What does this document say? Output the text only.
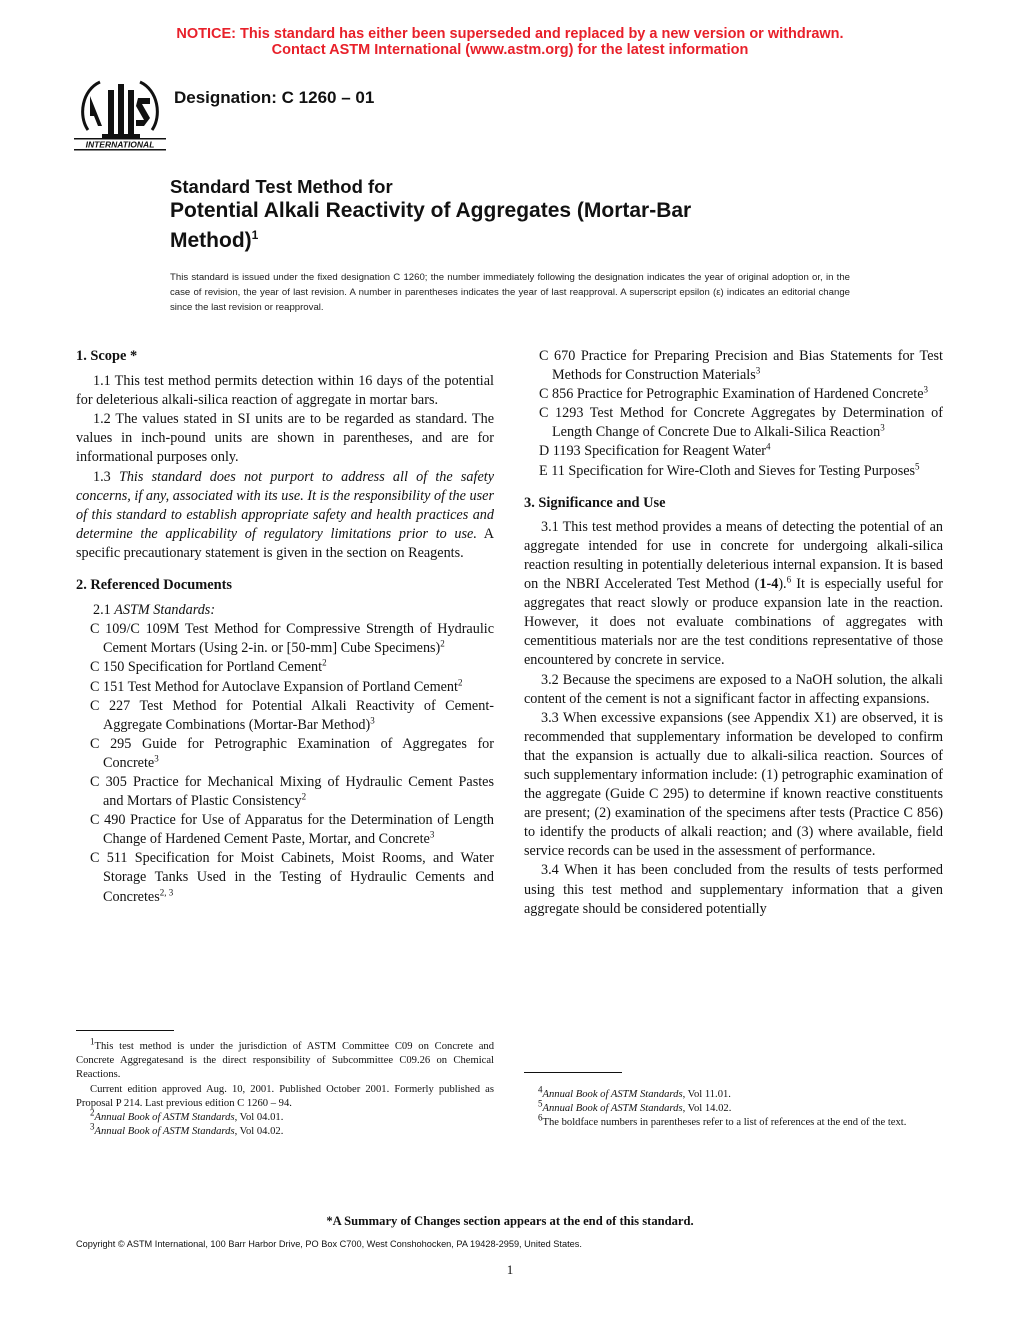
NOTICE: This standard has either been superseded and replaced by a new version or withdrawn.
Contact ASTM International (www.astm.org) for the latest information
INTERNATIONAL
Designation: C 1260 – 01
Standard Test Method for
Potential Alkali Reactivity of Aggregates (Mortar-Bar
Method)$^1$
This standard is issued under the fixed designation C 1260; the number immediately following the designation indicates the year of original adoption or, in the case of revision, the year of last revision. A number in parentheses indicates the year of last reapproval. A superscript epsilon (ε) indicates an editorial change since the last revision or reapproval.

1. Scope *

1.1 This test method permits detection within 16 days of the potential for deleterious alkali-silica reaction of aggregate in mortar bars.

1.2 The values stated in SI units are to be regarded as standard. The values in inch-pound units are shown in parentheses, and are for informational purposes only.

1.3 This standard does not purport to address all of the safety concerns, if any, associated with its use. It is the responsibility of the user of this standard to establish appropriate safety and health practices and determine the applicability of regulatory limitations prior to use. A specific precautionary statement is given in the section on Reagents.

2. Referenced Documents

2.1 ASTM Standards:

C 109/C 109M Test Method for Compressive Strength of Hydraulic Cement Mortars (Using 2-in. or [50-mm] Cube Specimens)$^2$

C 150 Specification for Portland Cement$^2$

C 151 Test Method for Autoclave Expansion of Portland Cement$^2$

C 227 Test Method for Potential Alkali Reactivity of Cement-Aggregate Combinations (Mortar-Bar Method)$^3$

C 295 Guide for Petrographic Examination of Aggregates for Concrete$^3$

C 305 Practice for Mechanical Mixing of Hydraulic Cement Pastes and Mortars of Plastic Consistency$^2$

C 490 Practice for Use of Apparatus for the Determination of Length Change of Hardened Cement Paste, Mortar, and Concrete$^3$

C 511 Specification for Moist Cabinets, Moist Rooms, and Water Storage Tanks Used in the Testing of Hydraulic Cements and Concretes$^{2, 3}$

$^1$This test method is under the jurisdiction of ASTM Committee C09 on Concrete and Concrete Aggregatesand is the direct responsibility of Subcommittee C09.26 on Chemical Reactions.

Current edition approved Aug. 10, 2001. Published October 2001. Formerly published as Proposal P 214. Last previous edition C 1260 – 94.

$^2$Annual Book of ASTM Standards, Vol 04.01.

$^3$Annual Book of ASTM Standards, Vol 04.02.

C 670 Practice for Preparing Precision and Bias Statements for Test Methods for Construction Materials$^3$

C 856 Practice for Petrographic Examination of Hardened Concrete$^3$

C 1293 Test Method for Concrete Aggregates by Determination of Length Change of Concrete Due to Alkali-Silica Reaction$^3$

D 1193 Specification for Reagent Water$^4$

E 11 Specification for Wire-Cloth and Sieves for Testing Purposes$^5$

3. Significance and Use

3.1 This test method provides a means of detecting the potential of an aggregate intended for use in concrete for undergoing alkali-silica reaction resulting in potentially deleterious internal expansion. It is based on the NBRI Accelerated Test Method (1-4).$^6$ It is especially useful for aggregates that react slowly or produce expansion late in the reaction. However, it does not evaluate combinations of aggregates with cementitious materials nor are the test conditions representative of those encountered by concrete in service.

3.2 Because the specimens are exposed to a NaOH solution, the alkali content of the cement is not a significant factor in affecting expansions.

3.3 When excessive expansions (see Appendix X1) are observed, it is recommended that supplementary information be developed to confirm that the expansion is actually due to alkali-silica reaction. Sources of such supplementary information include: (1) petrographic examination of the aggregate (Guide C 295) to determine if known reactive constituents are present; (2) examination of the specimens after tests (Practice C 856) to identify the products of alkali reaction; and (3) where available, field service records can be used in the assessment of performance.

3.4 When it has been concluded from the results of tests performed using this test method and supplementary information that a given aggregate should be considered potentially

$^4$Annual Book of ASTM Standards, Vol 11.01.

$^5$Annual Book of ASTM Standards, Vol 14.02.

$^6$The boldface numbers in parentheses refer to a list of references at the end of the text.

*A Summary of Changes section appears at the end of this standard.
Copyright © ASTM International, 100 Barr Harbor Drive, PO Box C700, West Conshohocken, PA 19428-2959, United States.
1
